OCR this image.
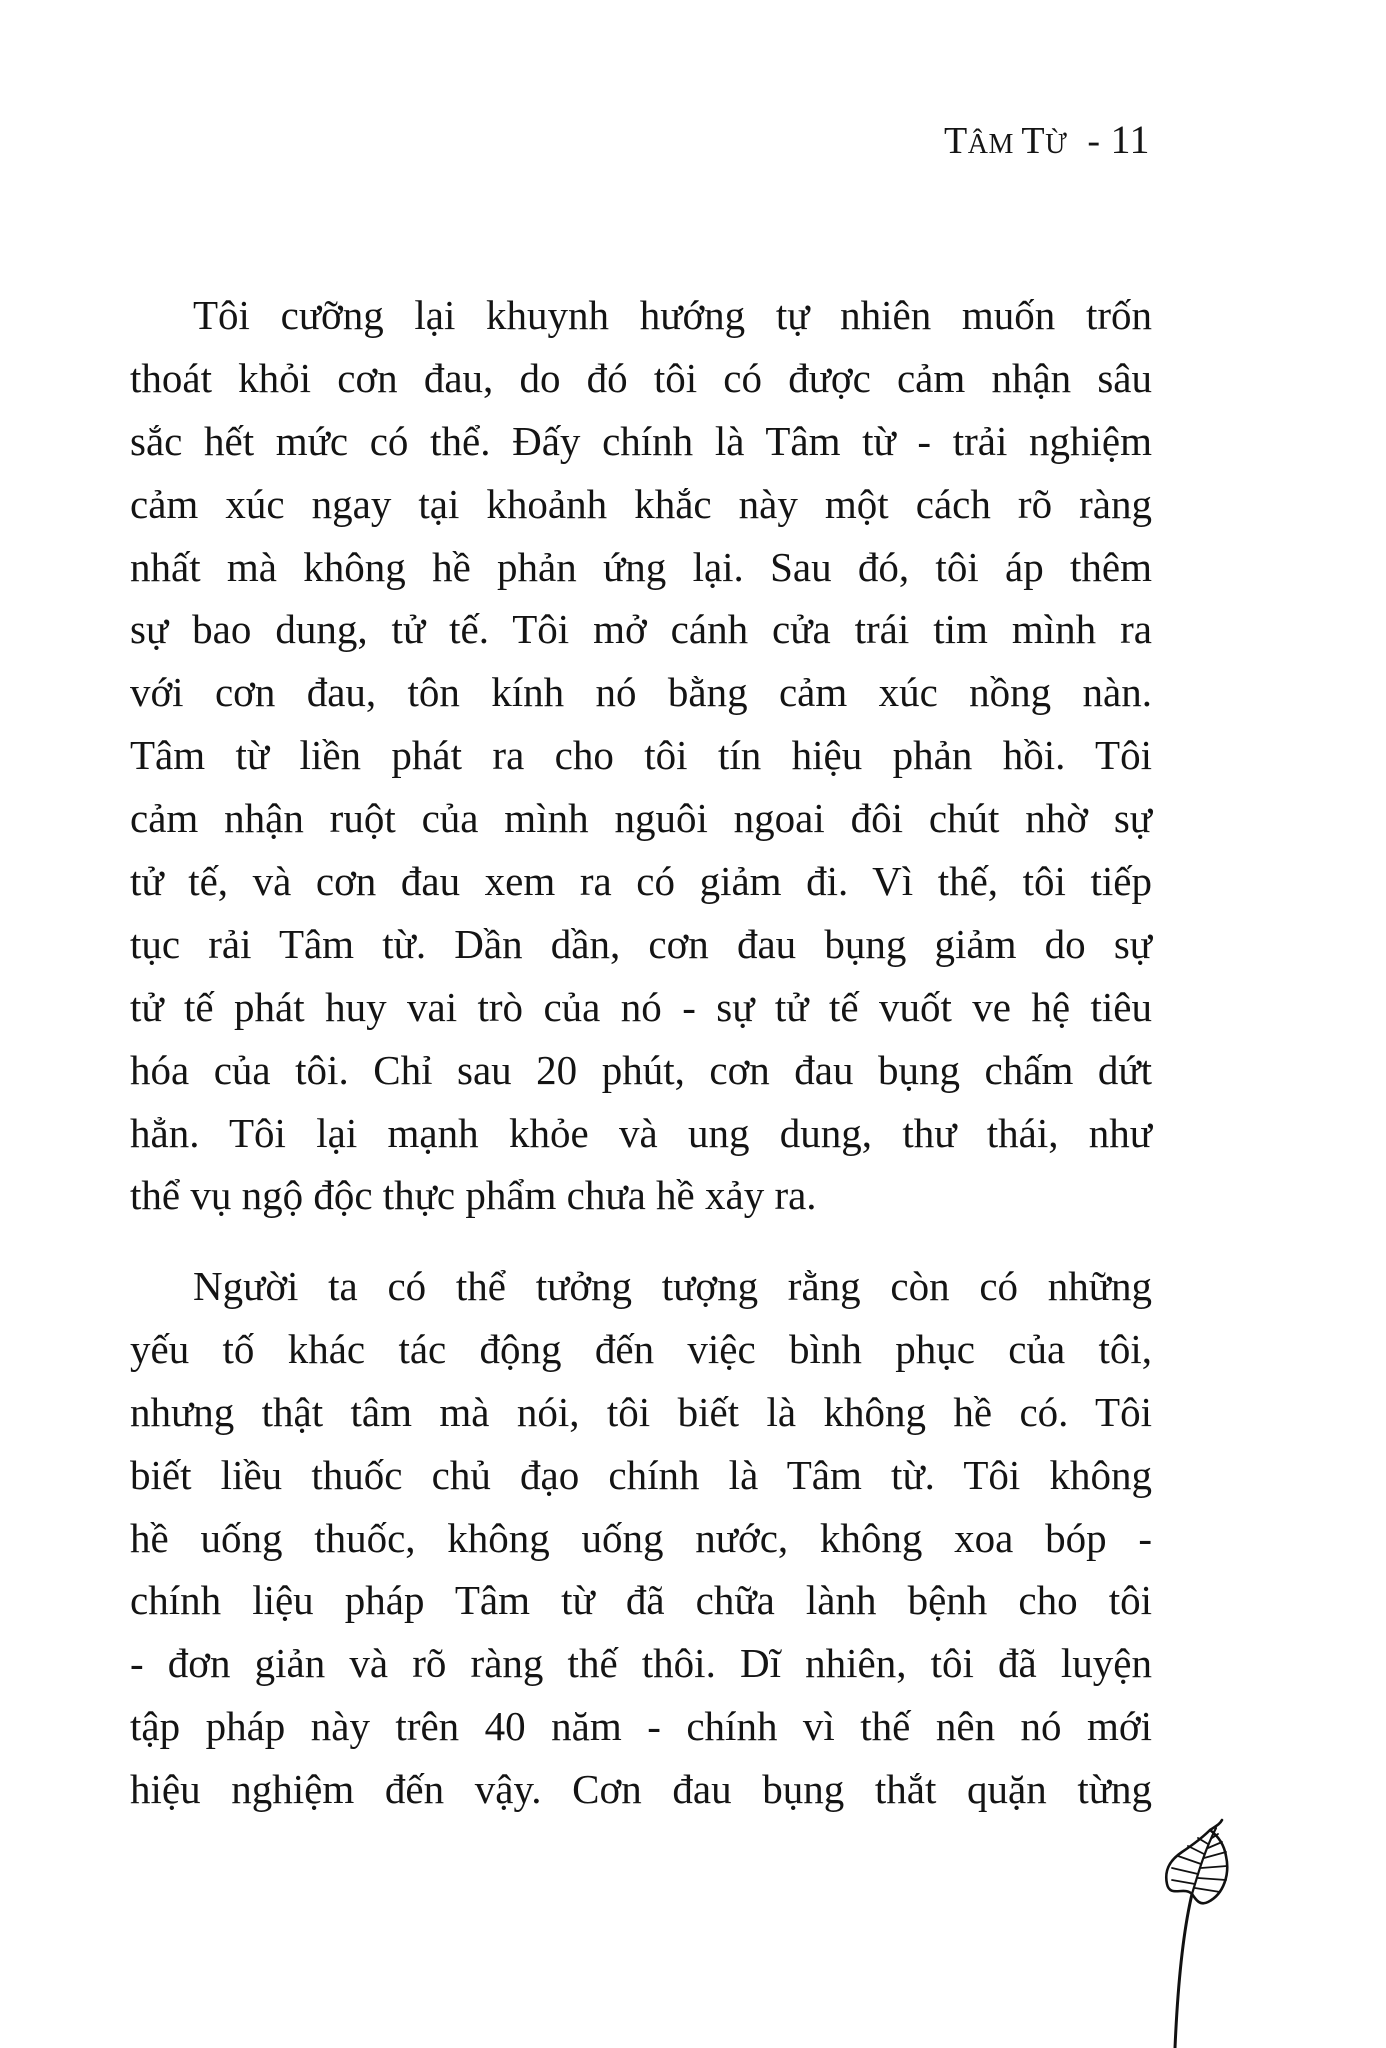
TÂM TỪ  - 11
Tôi cưỡng lại khuynh hướng tự nhiên muốn trốn
thoát khỏi cơn đau, do đó tôi có được cảm nhận sâu
sắc hết mức có thể. Đấy chính là Tâm từ - trải nghiệm
cảm xúc ngay tại khoảnh khắc này một cách rõ ràng
nhất mà không hề phản ứng lại. Sau đó, tôi áp thêm
sự bao dung, tử tế. Tôi mở cánh cửa trái tim mình ra
với cơn đau, tôn kính nó bằng cảm xúc nồng nàn.
Tâm từ liền phát ra cho tôi tín hiệu phản hồi. Tôi
cảm nhận ruột của mình nguôi ngoai đôi chút nhờ sự
tử tế, và cơn đau xem ra có giảm đi. Vì thế, tôi tiếp
tục rải Tâm từ. Dần dần, cơn đau bụng giảm do sự
tử tế phát huy vai trò của nó - sự tử tế vuốt ve hệ tiêu
hóa của tôi. Chỉ sau 20 phút, cơn đau bụng chấm dứt
hẳn. Tôi lại mạnh khỏe và ung dung, thư thái, như
thể vụ ngộ độc thực phẩm chưa hề xảy ra.
Người ta có thể tưởng tượng rằng còn có những
yếu tố khác tác động đến việc bình phục của tôi,
nhưng thật tâm mà nói, tôi biết là không hề có. Tôi
biết liều thuốc chủ đạo chính là Tâm từ. Tôi không
hề uống thuốc, không uống nước, không xoa bóp -
chính liệu pháp Tâm từ đã chữa lành bệnh cho tôi
- đơn giản và rõ ràng thế thôi. Dĩ nhiên, tôi đã luyện
tập pháp này trên 40 năm - chính vì thế nên nó mới
hiệu nghiệm đến vậy. Cơn đau bụng thắt quặn từng
